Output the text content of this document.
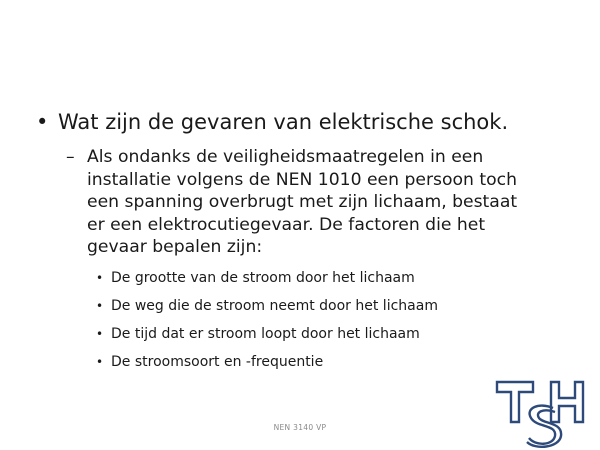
• Wat zijn de gevaren van elektrische schok.
– Als ondanks de veiligheidsmaatregelen in een
installatie volgens de NEN 1010 een persoon toch
een spanning overbrugt met zijn lichaam, bestaat
er een elektrocutiegevaar. De factoren die het
gevaar bepalen zijn:
• De grootte van de stroom door het lichaam
• De weg die de stroom neemt door het lichaam
• De tijd dat er stroom loopt door het lichaam
• De stroomsoort en -frequentie
NEN 3140 VP
